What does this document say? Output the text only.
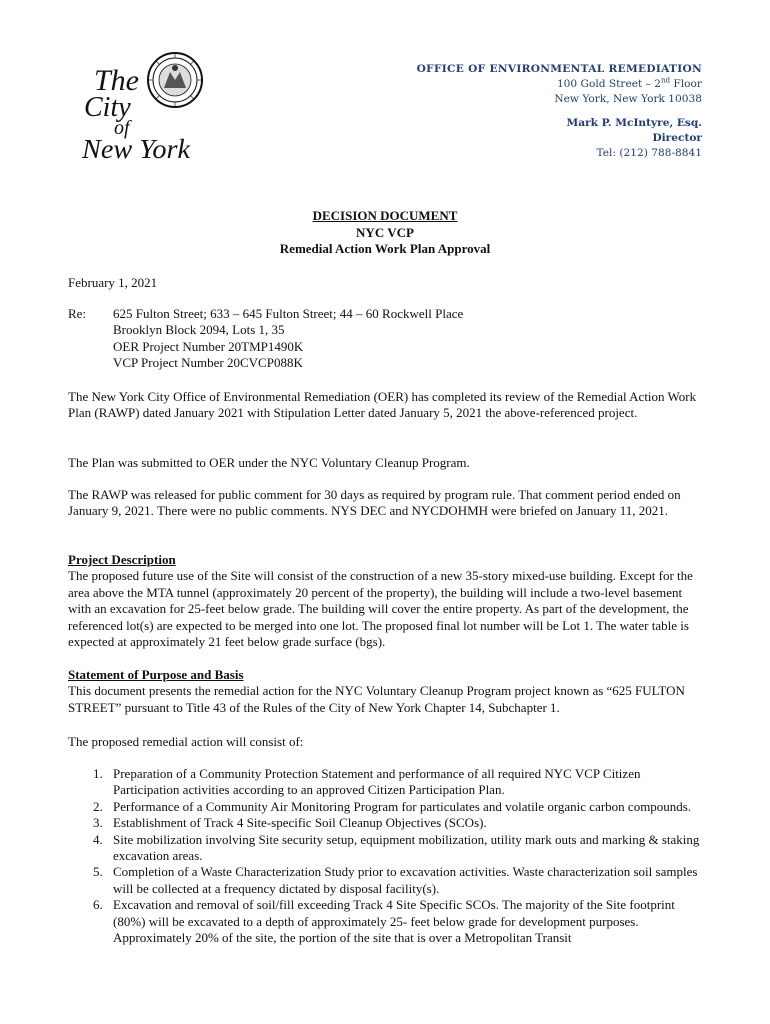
The
City
of
New York
OFFICE OF ENVIRONMENTAL REMEDIATION
100 Gold Street – 2nd Floor
New York, New York 10038
Mark P. McIntyre, Esq.
Director
Tel: (212) 788-8841
DECISION DOCUMENT
NYC VCP
Remedial Action Work Plan Approval
February 1, 2021
Re:	625 Fulton Street; 633 – 645 Fulton Street; 44 – 60 Rockwell Place
Brooklyn Block 2094, Lots 1, 35
OER Project Number 20TMP1490K
VCP Project Number 20CVCP088K

The New York City Office of Environmental Remediation (OER) has completed its review of the Remedial Action Work Plan (RAWP) dated January 2021 with Stipulation Letter dated January 5, 2021 the above-referenced project.

The Plan was submitted to OER under the NYC Voluntary Cleanup Program.

The RAWP was released for public comment for 30 days as required by program rule. That comment period ended on January 9, 2021. There were no public comments. NYS DEC and NYCDOHMH were briefed on January 11, 2021.

Project Description

The proposed future use of the Site will consist of the construction of a new 35-story mixed-use building. Except for the area above the MTA tunnel (approximately 20 percent of the property), the building will include a two-level basement with an excavation for 25-feet below grade. The building will cover the entire property. As part of the development, the referenced lot(s) are expected to be merged into one lot. The proposed final lot number will be Lot 1. The water table is expected at approximately 21 feet below grade surface (bgs).

Statement of Purpose and Basis

This document presents the remedial action for the NYC Voluntary Cleanup Program project known as “625 FULTON STREET” pursuant to Title 43 of the Rules of the City of New York Chapter 14, Subchapter 1.

The proposed remedial action will consist of:

1. Preparation of a Community Protection Statement and performance of all required NYC VCP Citizen Participation activities according to an approved Citizen Participation Plan.
2. Performance of a Community Air Monitoring Program for particulates and volatile organic carbon compounds.
3. Establishment of Track 4 Site-specific Soil Cleanup Objectives (SCOs).
4. Site mobilization involving Site security setup, equipment mobilization, utility mark outs and marking & staking excavation areas.
5. Completion of a Waste Characterization Study prior to excavation activities. Waste characterization soil samples will be collected at a frequency dictated by disposal facility(s).
6. Excavation and removal of soil/fill exceeding Track 4 Site Specific SCOs. The majority of the Site footprint (80%) will be excavated to a depth of approximately 25- feet below grade for development purposes. Approximately 20% of the site, the portion of the site that is over a Metropolitan Transit
